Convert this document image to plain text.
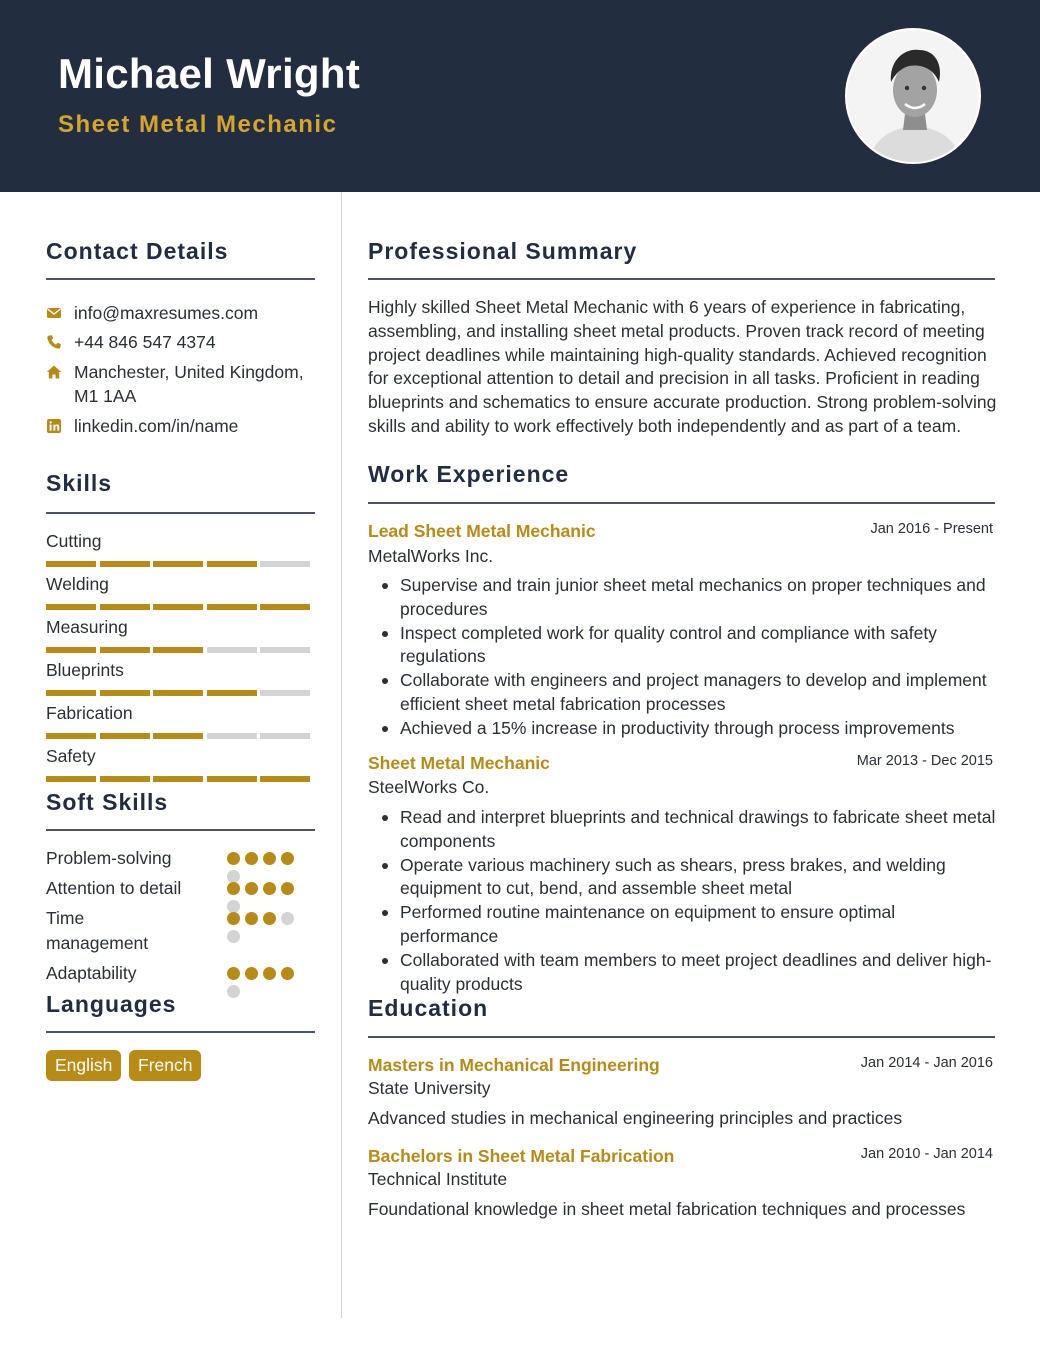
Michael Wright
Sheet Metal Mechanic
Contact Details
info@maxresumes.com
+44 846 547 4374
Manchester, United Kingdom, M1 1AA
linkedin.com/in/name
Skills
Cutting
Welding
Measuring
Blueprints
Fabrication
Safety
Soft Skills
Problem-solving
Attention to detail
Time management
Adaptability
Languages
English	French
Professional Summary
Highly skilled Sheet Metal Mechanic with 6 years of experience in fabricating, assembling, and installing sheet metal products. Proven track record of meeting project deadlines while maintaining high-quality standards. Achieved recognition for exceptional attention to detail and precision in all tasks. Proficient in reading blueprints and schematics to ensure accurate production. Strong problem-solving skills and ability to work effectively both independently and as part of a team.
Work Experience
Lead Sheet Metal Mechanic	Jan 2016 - Present
MetalWorks Inc.
Supervise and train junior sheet metal mechanics on proper techniques and procedures
Inspect completed work for quality control and compliance with safety regulations
Collaborate with engineers and project managers to develop and implement efficient sheet metal fabrication processes
Achieved a 15% increase in productivity through process improvements
Sheet Metal Mechanic	Mar 2013 - Dec 2015
SteelWorks Co.
Read and interpret blueprints and technical drawings to fabricate sheet metal components
Operate various machinery such as shears, press brakes, and welding equipment to cut, bend, and assemble sheet metal
Performed routine maintenance on equipment to ensure optimal performance
Collaborated with team members to meet project deadlines and deliver high-quality products
Education
Masters in Mechanical Engineering	Jan 2014 - Jan 2016
State University
Advanced studies in mechanical engineering principles and practices
Bachelors in Sheet Metal Fabrication	Jan 2010 - Jan 2014
Technical Institute
Foundational knowledge in sheet metal fabrication techniques and processes
